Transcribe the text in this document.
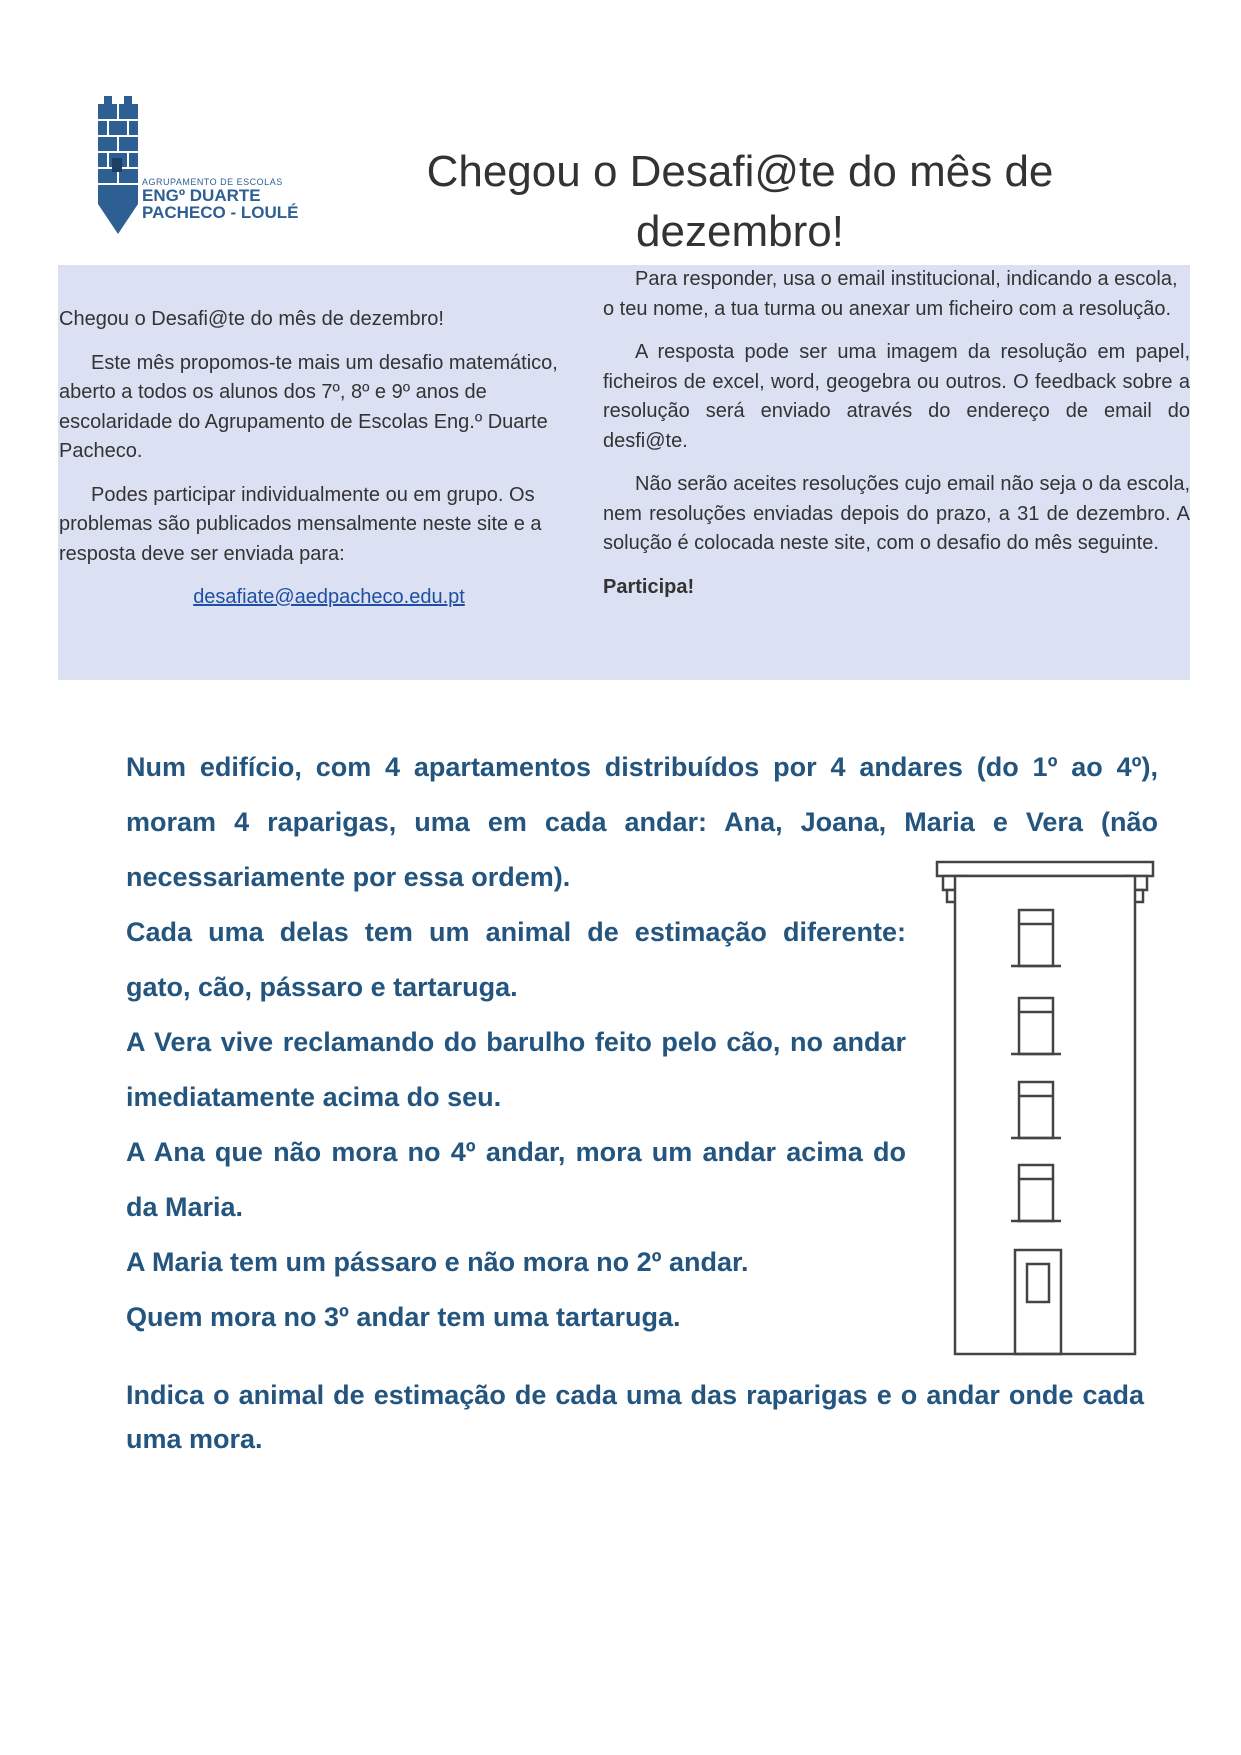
AGRUPAMENTO DE ESCOLAS
ENGº DUARTE
PACHECO - LOULÉ
Chegou o Desafi@te do mês de dezembro!

Chegou o Desafi@te do mês de dezembro!

Este mês propomos-te mais um desafio matemático, aberto a todos os alunos dos 7º, 8º e 9º anos de escolaridade do Agrupamento de Escolas Eng.º Duarte Pacheco.

Podes participar individualmente ou em grupo. Os problemas são publicados mensalmente neste site e a resposta deve ser enviada para:

desafiate@aedpacheco.edu.pt

Para responder, usa o email institucional, indicando a escola, o teu nome, a tua turma ou anexar um ficheiro com a resolução.

A resposta pode ser uma imagem da resolução em papel, ficheiros de excel, word, geogebra ou outros. O feedback sobre a resolução será enviado através do endereço de email do desfi@te.

Não serão aceites resoluções cujo email não seja o da escola, nem resoluções enviadas depois do prazo, a 31 de dezembro. A solução é colocada neste site, com o desafio do mês seguinte.

Participa!

Num edifício, com 4 apartamentos distribuídos por 4 andares (do 1º ao 4º), moram 4 raparigas, uma em cada andar: Ana, Joana, Maria e Vera (não necessariamente por essa ordem).

Cada uma delas tem um animal de estimação diferente: gato, cão, pássaro e tartaruga.

A Vera vive reclamando do barulho feito pelo cão, no andar imediatamente acima do seu.

A Ana que não mora no 4º andar, mora um andar acima do da Maria.

A Maria tem um pássaro e não mora no 2º andar.

Quem mora no 3º andar tem uma tartaruga.

Indica o animal de estimação de cada uma das raparigas e o andar onde cada uma mora.
